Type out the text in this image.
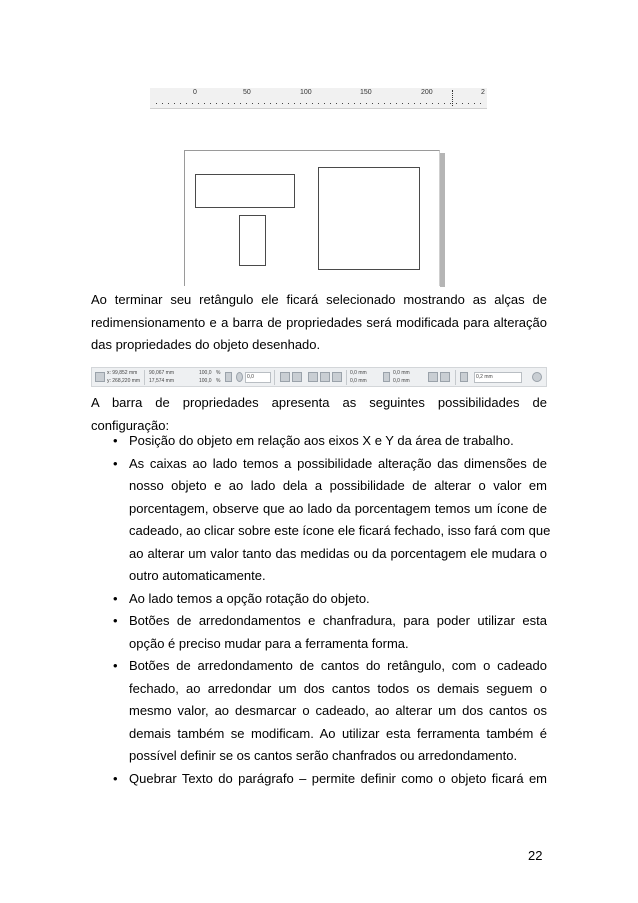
0	50	100	150	200	2
Ao terminar seu retângulo ele ficará selecionado mostrando as alças de
redimensionamento e a barra de propriedades será modificada para alteração
das propriedades do objeto desenhado.
x: 99,852 mm
y: 268,220 mm
90,067 mm
17,574 mm
100,0
100,0
%
%
0,0
0,0 mm
0,0 mm
0,0 mm
0,0 mm
0,2 mm
A barra de propriedades apresenta as seguintes possibilidades de
configuração:
• Posição do objeto em relação aos eixos X e Y da área de trabalho.
• As caixas ao lado temos a possibilidade alteração das dimensões de
nosso objeto e ao lado dela a possibilidade de alterar o valor em
porcentagem, observe que ao lado da porcentagem temos um ícone de
cadeado, ao clicar sobre este ícone ele ficará fechado, isso fará com que
ao alterar um valor tanto das medidas ou da porcentagem ele mudara o
outro automaticamente.
• Ao lado temos a opção rotação do objeto.
• Botões de arredondamentos e chanfradura, para poder utilizar esta
opção é preciso mudar para a ferramenta forma.
• Botões de arredondamento de cantos do retângulo, com o cadeado
fechado, ao arredondar um dos cantos todos os demais seguem o
mesmo valor, ao desmarcar o cadeado, ao alterar um dos cantos os
demais também se modificam. Ao utilizar esta ferramenta também é
possível definir se os cantos serão chanfrados ou arredondamento.
• Quebrar Texto do parágrafo – permite definir como o objeto ficará em
22
